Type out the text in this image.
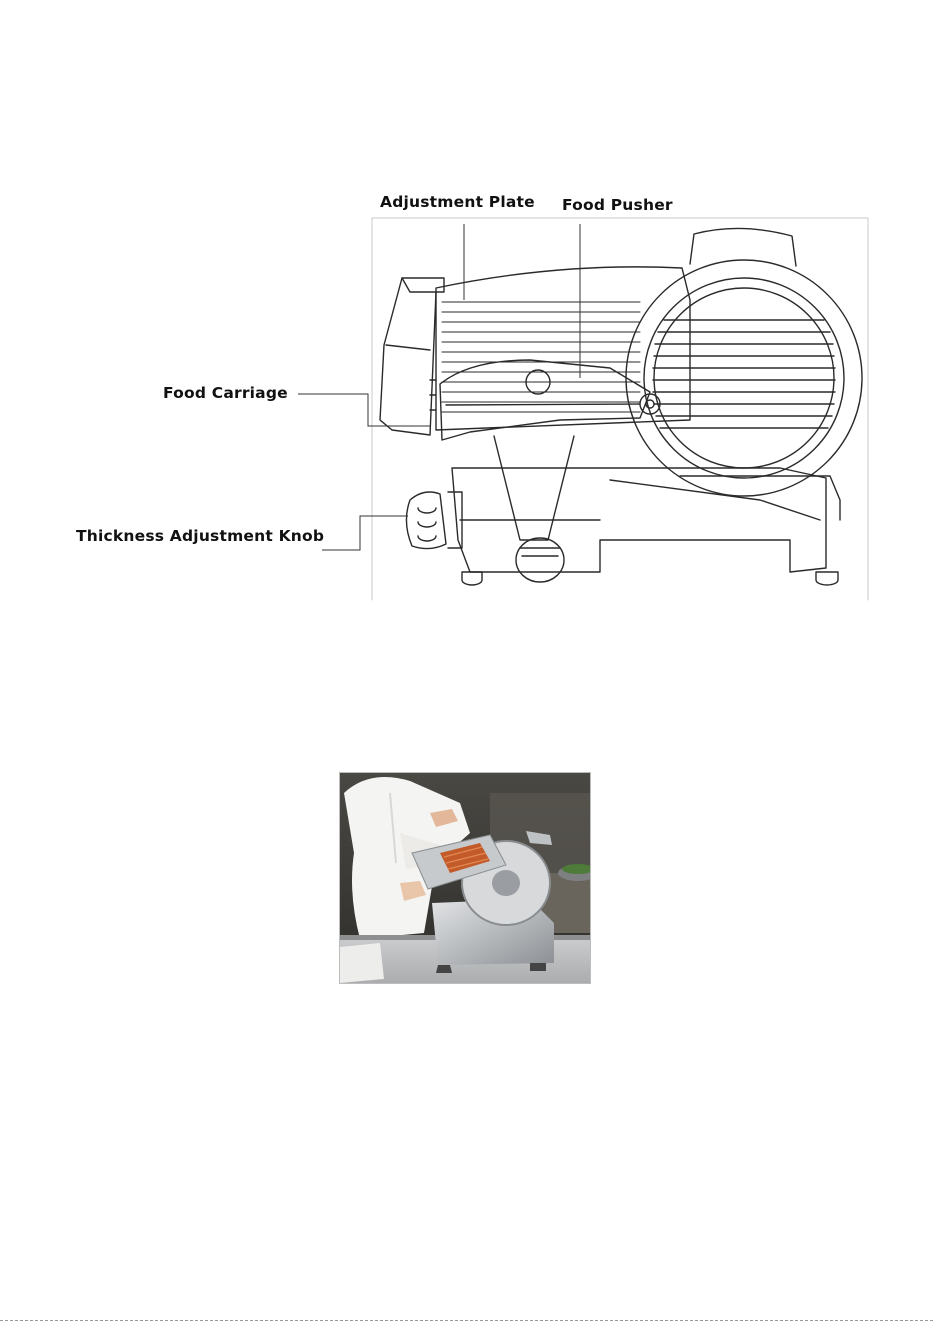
Adjustment Plate Food Pusher
Food Carriage
Thickness Adjustment Knob
